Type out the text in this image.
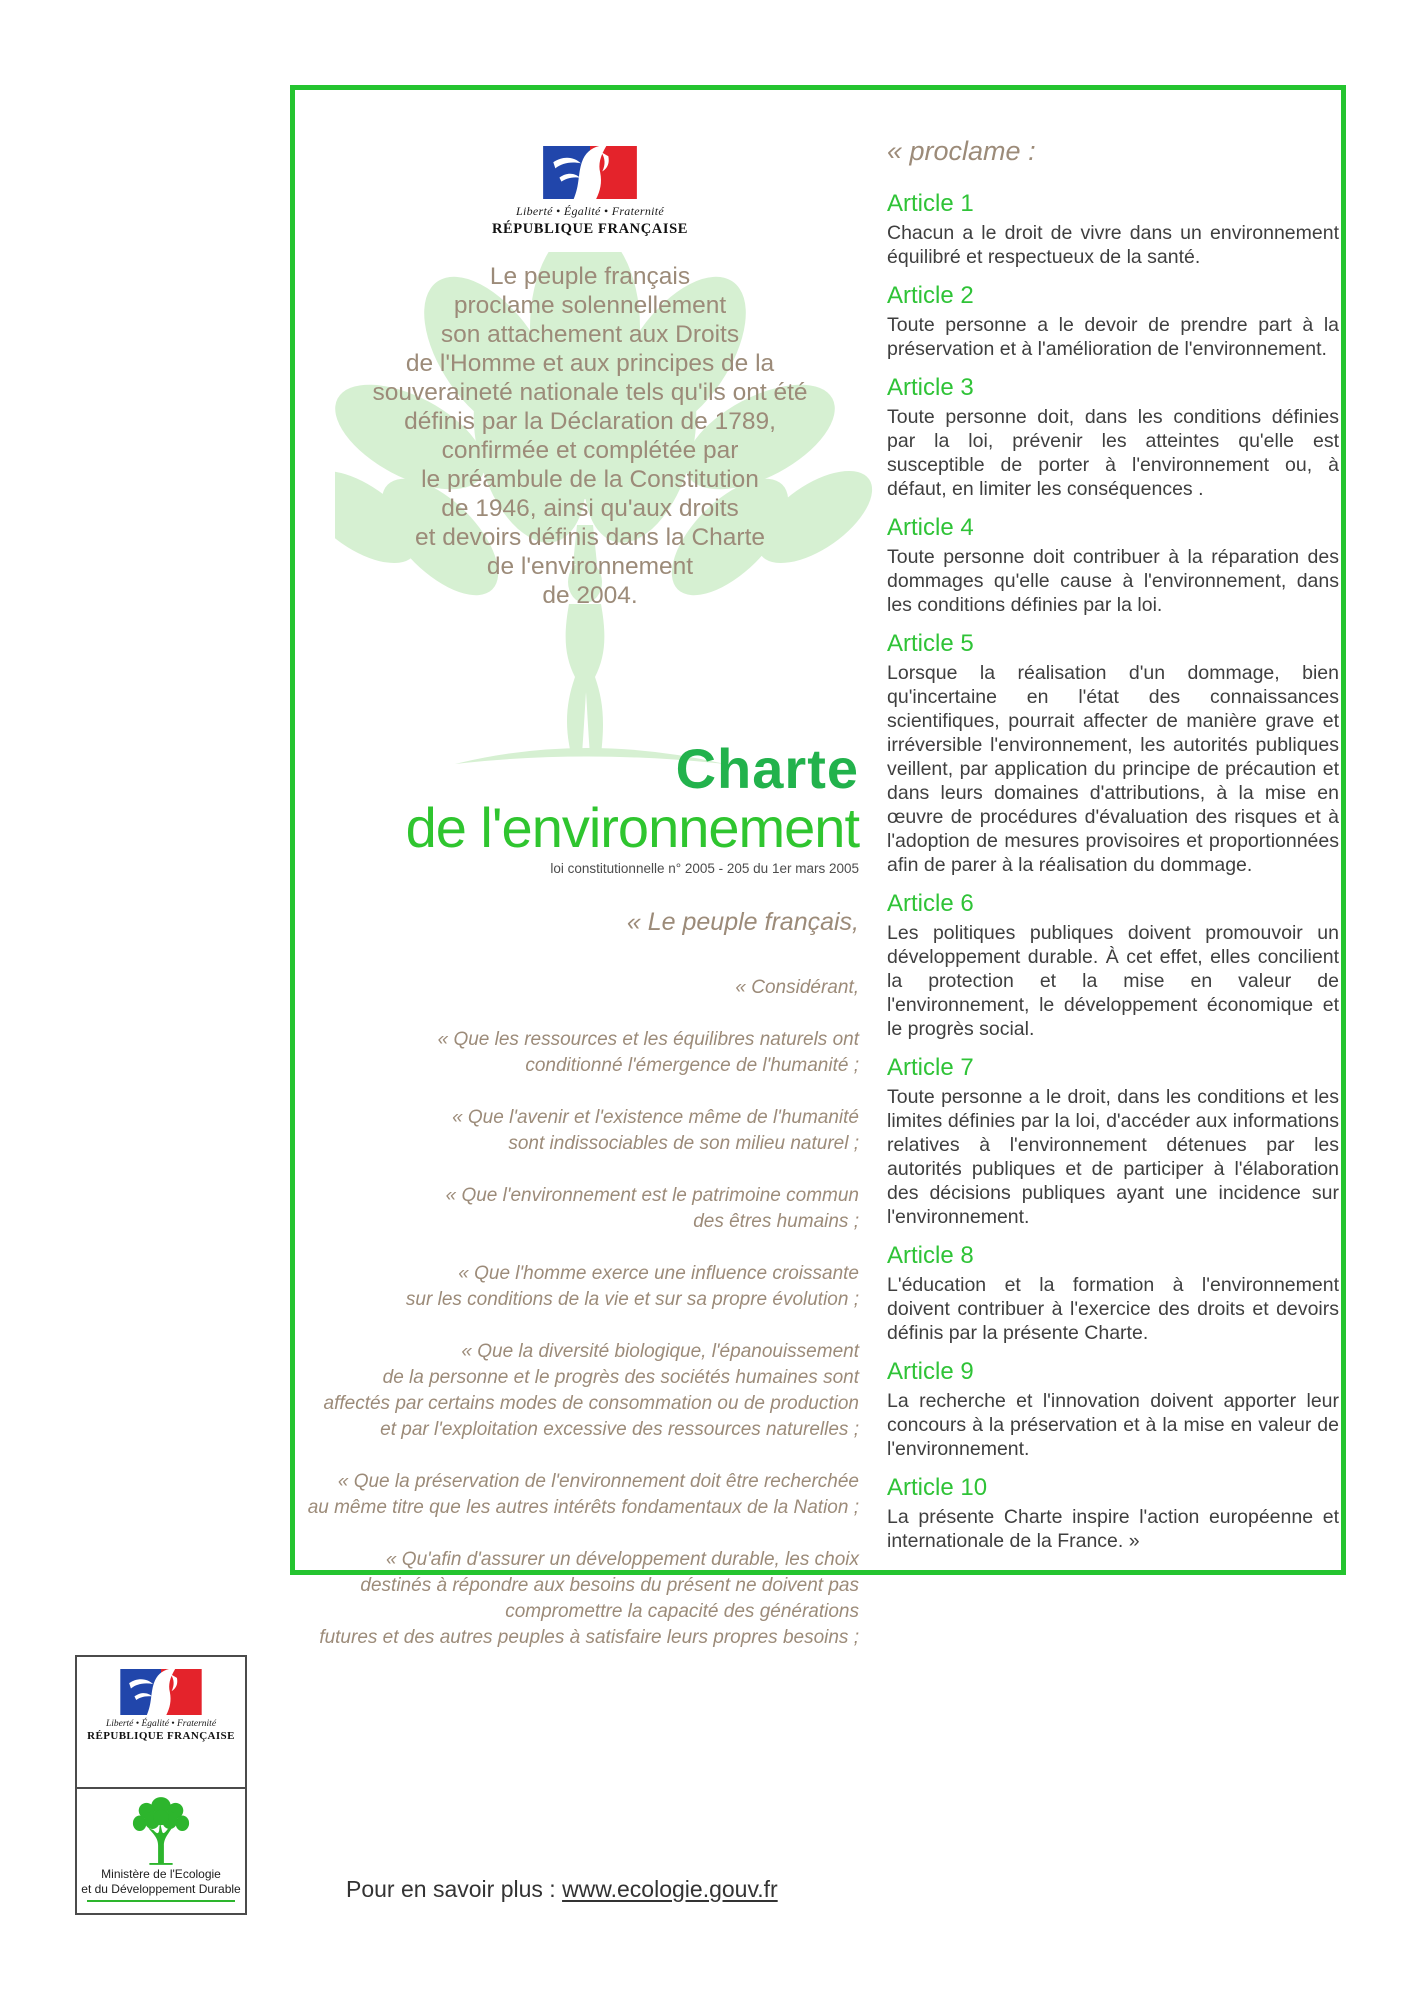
Liberté • Égalité • Fraternité
RÉPUBLIQUE FRANÇAISE
Le peuple français
proclame solennellement
son attachement aux Droits
de l'Homme et aux principes de la
souveraineté nationale tels qu'ils ont été
définis par la Déclaration de 1789,
confirmée et complétée par
le préambule de la Constitution
de 1946, ainsi qu'aux droits
et devoirs définis dans la Charte
de l'environnement
de 2004.
Charte
de l'environnement
loi constitutionnelle n° 2005 - 205 du 1er mars 2005
« Le peuple français,
« Considérant,
« Que les ressources et les équilibres naturels ont
conditionné l'émergence de l'humanité ;
« Que l'avenir et l'existence même de l'humanité
sont indissociables de son milieu naturel ;
« Que l'environnement est le patrimoine commun
des êtres humains ;
« Que l'homme exerce une influence croissante
sur les conditions de la vie et sur sa propre évolution ;
« Que la diversité biologique, l'épanouissement
de la personne et le progrès des sociétés humaines sont
affectés par certains modes de consommation ou de production
et par l'exploitation excessive des ressources naturelles ;
« Que la préservation de l'environnement doit être recherchée
au même titre que les autres intérêts fondamentaux de la Nation ;
« Qu'afin d'assurer un développement durable, les choix
destinés à répondre aux besoins du présent ne doivent pas
compromettre la capacité des générations
futures et des autres peuples à satisfaire leurs propres besoins ;
« proclame :
Article 1
Chacun a le droit de vivre dans un environnement équilibré et respectueux de la santé.
Article 2
Toute personne a le devoir de prendre part à la préservation et à l'amélioration de l'environnement.
Article 3
Toute personne doit, dans les conditions définies par la loi, prévenir les atteintes qu'elle est susceptible de porter à l'environnement ou, à défaut, en limiter les conséquences .
Article 4
Toute personne doit contribuer à la réparation des dommages qu'elle cause à l'environnement, dans les conditions définies par la loi.
Article 5
Lorsque la réalisation d'un dommage, bien qu'incertaine en l'état des connaissances scientifiques, pourrait affecter de manière grave et irréversible l'environnement, les autorités publiques veillent, par application du principe de précaution et dans leurs domaines d'attributions, à la mise en œuvre de procédures d'évaluation des risques et à l'adoption de mesures provisoires et proportionnées afin de parer à la réalisation du dommage.
Article 6
Les politiques publiques doivent promouvoir un développement durable. À cet effet, elles concilient la protection et la mise en valeur de l'environnement, le développement économique et le progrès social.
Article 7
Toute personne a le droit, dans les conditions et les limites définies par la loi, d'accéder aux informations relatives à l'environnement détenues par les autorités publiques et de participer à l'élaboration des décisions publiques ayant une incidence sur l'environnement.
Article 8
L'éducation et la formation à l'environnement doivent contribuer à l'exercice des droits et devoirs définis par la présente Charte.
Article 9
La recherche et l'innovation doivent apporter leur concours à la préservation et à la mise en valeur de l'environnement.
Article 10
La présente Charte inspire l'action européenne et internationale de la France. »
Liberté • Égalité • Fraternité
RÉPUBLIQUE FRANÇAISE
Ministère de l'Ecologie
et du Développement Durable	Pour en savoir plus : www.ecologie.gouv.fr
